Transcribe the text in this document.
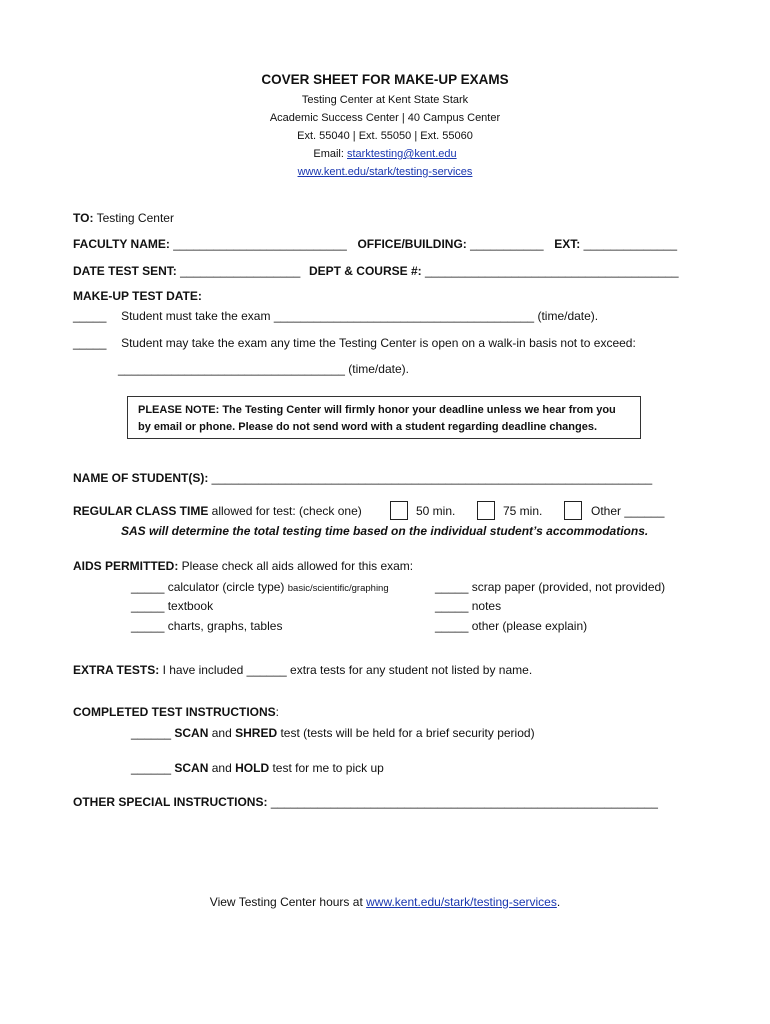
COVER SHEET FOR MAKE-UP EXAMS
Testing Center at Kent State Stark
Academic Success Center | 40 Campus Center
Ext. 55040 | Ext. 55050 | Ext. 55060
Email: starktesting@kent.edu
www.kent.edu/stark/testing-services
TO: Testing Center
FACULTY NAME: __________________________ OFFICE/BUILDING: ___________ EXT: ______________
DATE TEST SENT: __________________ DEPT & COURSE #: ______________________________________
MAKE-UP TEST DATE:
_____ Student must take the exam _______________________________________ (time/date).
_____ Student may take the exam any time the Testing Center is open on a walk-in basis not to exceed:
__________________________________ (time/date).
PLEASE NOTE: The Testing Center will firmly honor your deadline unless we hear from you by email or phone. Please do not send word with a student regarding deadline changes.
NAME OF STUDENT(S): __________________________________________________________________
REGULAR CLASS TIME allowed for test: (check one)	50 min.	75 min.	Other ______
SAS will determine the total testing time based on the individual student’s accommodations.
AIDS PERMITTED: Please check all aids allowed for this exam:
_____ calculator (circle type) basic/scientific/graphing
_____ textbook
_____ charts, graphs, tables
_____ scrap paper (provided, not provided)
_____ notes
_____ other (please explain)
EXTRA TESTS: I have included ______ extra tests for any student not listed by name.
COMPLETED TEST INSTRUCTIONS:
______ SCAN and SHRED test (tests will be held for a brief security period)
______ SCAN and HOLD test for me to pick up
OTHER SPECIAL INSTRUCTIONS: __________________________________________________________
View Testing Center hours at www.kent.edu/stark/testing-services.
